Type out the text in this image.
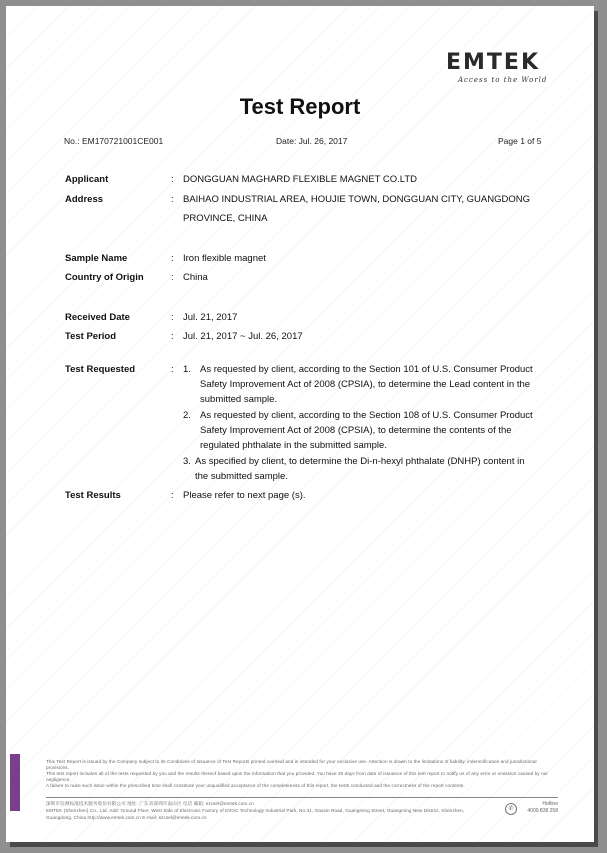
EMTEK
Access to the World
Test Report
No.: EM170721001CE001	Date: Jul. 26, 2017	Page 1 of 5
Applicant	: DONGGUAN MAGHARD FLEXIBLE MAGNET CO.LTD
Address	: BAIHAO INDUSTRIAL AREA, HOUJIE TOWN, DONGGUAN CITY, GUANGDONG
PROVINCE, CHINA
Sample Name	: Iron flexible magnet
Country of Origin	: China
Received Date	: Jul. 21, 2017
Test Period	: Jul. 21, 2017 ~ Jul. 26, 2017
Test Requested	: 1. As requested by client, according to the Section 101 of U.S. Consumer Product
Safety Improvement Act of 2008 (CPSIA), to determine the Lead content in the
submitted sample.
2. As requested by client, according to the Section 108 of U.S. Consumer Product
Safety Improvement Act of 2008 (CPSIA), to determine the contents of the
regulated phthalate in the submitted sample.
3. As specified by client, to determine the Di-n-hexyl phthalate (DNHP) content in
the submitted sample.
Test Results	: Please refer to next page (s).
This Test Report is issued by the Company subject to its Conditions of Issuance of Test Reports printed overleaf and is intended for your exclusive use. Attention is drawn to the limitations of liability, indemnification and jurisdictional provisions.
This test report includes all of the tests requested by you and the results thereof based upon the information that you provided. You have 30 days from date of issuance of this test report to notify us of any error or omission caused by our negligence.
A failure to raise such issue within the prescribed time shall constitute your unqualified acceptance of the completeness of this report, the tests conducted and the correctness of the report contents.
深圳市信测标准技术服务股份有限公司 地址: 广东省深圳市南山区 电话 邮箱: szcsel@emtek.com.cn
EMTEK (Shenzhen) Co., Ltd. Add: Ground Floor, West Side of Electronic Factory of EVOC Technology Industrial Park, No.31, Gaoxin Road, Guangming Street, Guangming New District, Shenzhen,
Guangdong, China http://www.emtek.com.cn E-mail: szcsel@emtek.com.cn
✆
Hotline
4000 838 258
